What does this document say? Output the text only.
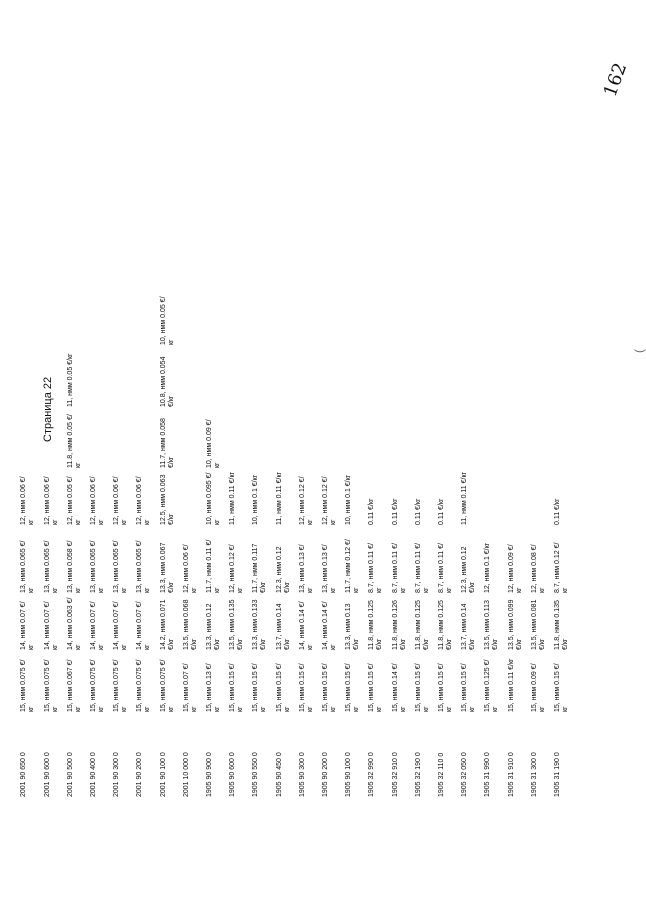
1905 31 190 0
15, нмм 0.15 €/кг
11.8, нмм 0.135 €/кг
8.7, нмм 0.12 €/кг
0.11 €/кг
1905 31 300 0
15, нмм 0.09 €/кг
13.5, нмм 0.081 €/кг
12, нмм 0.08 €/кг
1905 31 910 0
15, нмм 0.11 €/кг
13.5, нмм 0.099 €/кг
12, нмм 0.09 €/кг
1905 31 990 0
15, нмм 0.125 €/кг
13.5, нмм 0.113 €/кг
12, нмм 0.1 €/кг
1905 32 050 0
15, нмм 0.15 €/кг
13.7, нмм 0.14 €/кг
12.3, нмм 0.12 €/кг
11, нмм 0.11 €/кг
1905 32 110 0
15, нмм 0.15 €/кг
11.8, нмм 0.125 €/кг
8.7, нмм 0.11 €/кг
0.11 €/кг
1905 32 190 0
15, нмм 0.15 €/кг
11.8, нмм 0.125 €/кг
8.7, нмм 0.11 €/кг
0.11 €/кг
1905 32 910 0
15, нмм 0.14 €/кг
11.8, нмм 0.126 €/кг
8.7, нмм 0.11 €/кг
0.11 €/кг
1905 32 990 0
15, нмм 0.15 €/кг
11.8, нмм 0.125 €/кг
8.7, нмм 0.11 €/кг
0.11 €/кг
1905 90 100 0
15, нмм 0.15 €/кг
13.3, нмм 0.13 €/кг
11.7, нмм 0.12 €/кг
10, нмм 0.1 €/кг
1905 90 200 0
15, нмм 0.15 €/кг
14, нмм 0.14 €/кг
13, нмм 0.13 €/кг
12, нмм 0.12 €/кг
1905 90 300 0
15, нмм 0.15 €/кг
14, нмм 0.14 €/кг
13, нмм 0.13 €/кг
12, нмм 0.12 €/кг
1905 90 450 0
15, нмм 0.15 €/кг
13.7, нмм 0.14 €/кг
12.3, нмм 0.12 €/кг
11, нмм 0.11 €/кг
1905 90 550 0
15, нмм 0.15 €/кг
13.3, нмм 0.133 €/кг
11.7, нмм 0.117 €/кг
10, нмм 0.1 €/кг
1905 90 600 0
15, нмм 0.15 €/кг
13.5, нмм 0.135 €/кг
12, нмм 0.12 €/кг
11, нмм 0.11 €/кг
1905 90 900 0
15, нмм 0.13 €/кг
13.3, нмм 0.12 €/кг
11.7, нмм 0.11 €/кг
10, нмм 0.095 €/кг
10, нмм 0.09 €/кг
2001 10 000 0
15, нмм 0.07 €/кг
13.5, нмм 0.068 €/кг
12, нмм 0.06 €/кг
2001 90 100 0
15, нмм 0.075 €/кг
14.2, нмм 0.071 €/кг
13.3, нмм 0.067 €/кг
12.5, нмм 0.063 €/кг
11.7, нмм 0.058 €/кг
10.8, нмм 0.054 €/кг
10, нмм 0.05 €/кг
2001 90 200 0
15, нмм 0.075 €/кг
14, нмм 0.07 €/кг
13, нмм 0.065 €/кг
12, нмм 0.06 €/кг
2001 90 300 0
15, нмм 0.075 €/кг
14, нмм 0.07 €/кг
13, нмм 0.065 €/кг
12, нмм 0.06 €/кг
2001 90 400 0
15, нмм 0.075 €/кг
14, нмм 0.07 €/кг
13, нмм 0.065 €/кг
12, нмм 0.06 €/кг
2001 90 500 0
15, нмм 0.067 €/кг
14, нмм 0.063 €/кг
13, нмм 0.058 €/кг
12, нмм 0.05 €/кг
11.8, нмм 0.05 €/кг
11, нмм 0.05 €/кг
2001 90 600 0
15, нмм 0.075 €/кг
14, нмм 0.07 €/кг
13, нмм 0.065 €/кг
12, нмм 0.06 €/кг
2001 90 650 0
15, нмм 0.075 €/кг
14, нмм 0.07 €/кг
13, нмм 0.065 €/кг
12, нмм 0.06 €/кг
Страница 22
162
(
